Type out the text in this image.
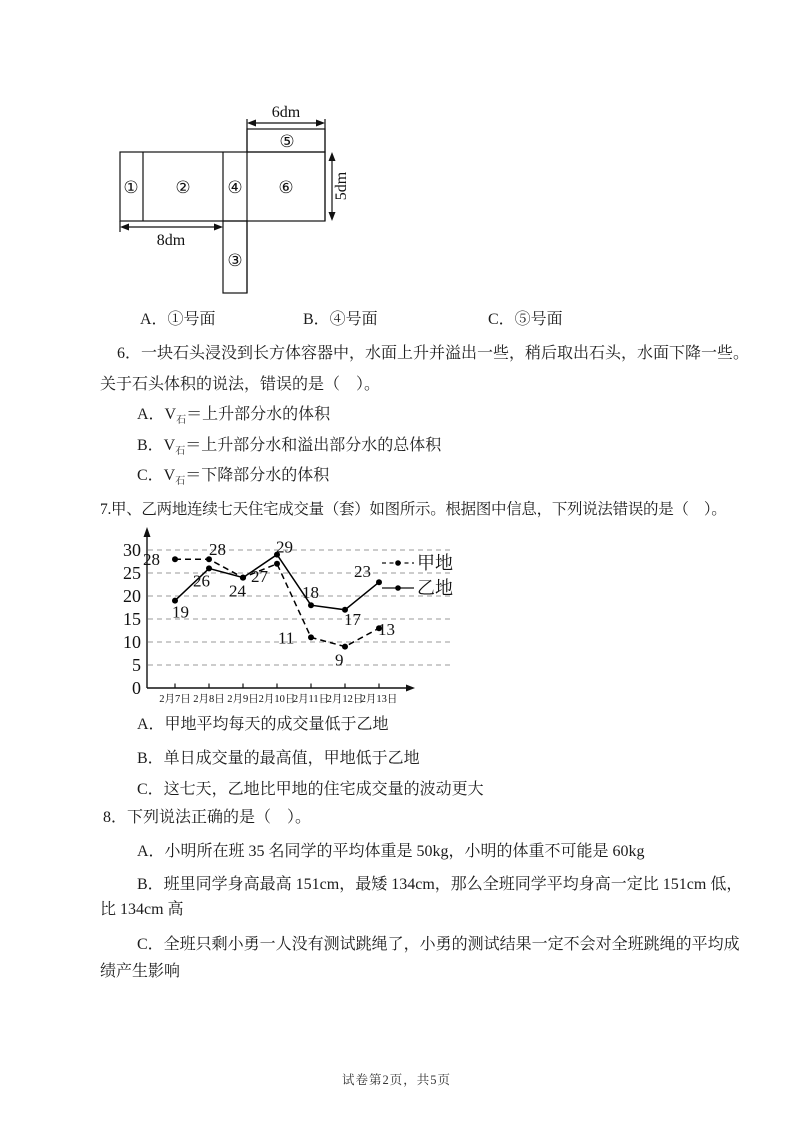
6dm
8dm
5dm
① ②
③
④
⑤
⑥
A．①号面	B．④号面	C．⑤号面
6．一块石头浸没到长方体容器中，水面上升并溢出一些，稍后取出石头，水面下降一些。
关于石头体积的说法，错误的是（　）。
A．$V_石=$上升部分水的体积
B．$V_石=$上升部分水和溢出部分水的总体积
C．$V_石=$下降部分水的体积
7.甲、乙两地连续七天住宅成交量（套）如图所示。根据图中信息，下列说法错误的是（　）。
0
5
10
15
20
25
30
2月7日 2月8日 2月9日 2月10日
2月11日
2月12日
2月13日
28
28
24
27
11
9
13
19
26
29
18
17
23	甲地
乙地
A．甲地平均每天的成交量低于乙地
B．单日成交量的最高值，甲地低于乙地
C．这七天，乙地比甲地的住宅成交量的波动更大
8．下列说法正确的是（　）。
A．小明所在班 35 名同学的平均体重是 50kg，小明的体重不可能是 60kg
B．班里同学身高最高 151cm，最矮 134cm，那么全班同学平均身高一定比 151cm 低，
比 134cm 高
C．全班只剩小勇一人没有测试跳绳了，小勇的测试结果一定不会对全班跳绳的平均成
绩产生影响
试卷第2页，共5页
